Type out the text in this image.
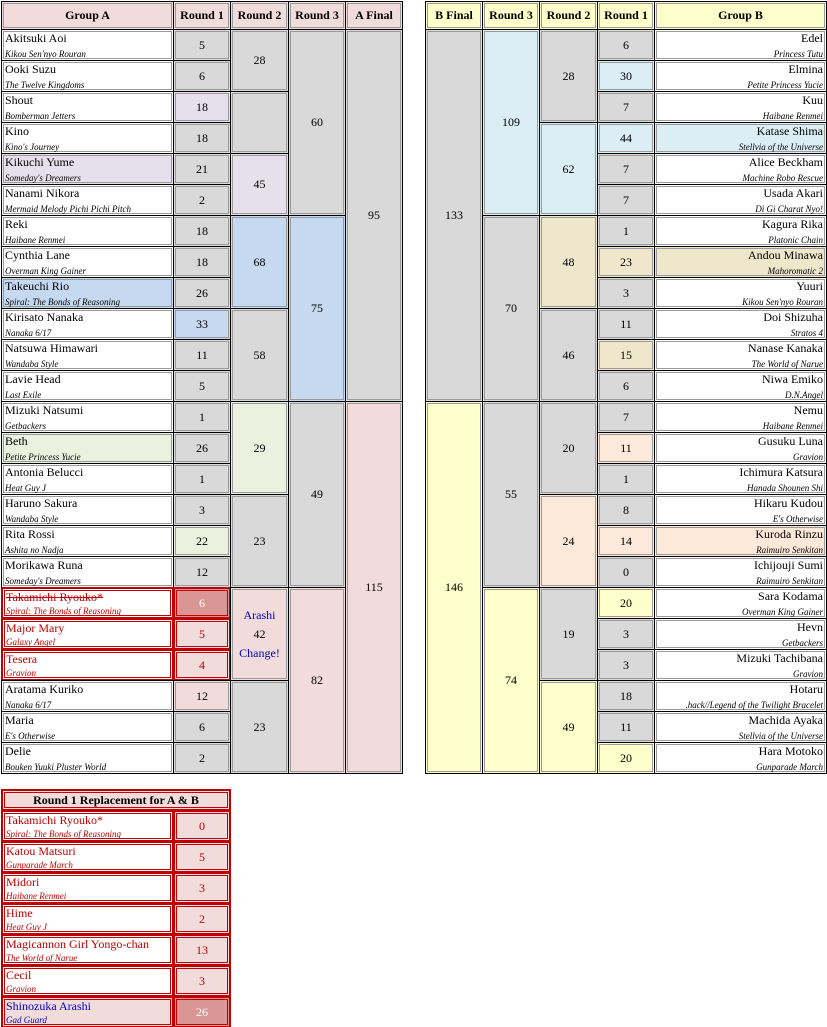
Group A	Round 1 Round 2 Round 3 A Final
Akitsuki Aoi
Kikou Sen'nyo Rouran
5
Ooki Suzu
The Twelve Kingdoms
6
Shout
Bomberman Jetters
18
Kino
Kino's Journey
18
Kikuchi Yume
Someday's Dreamers
21
Nanami Nikora
Mermaid Melody Pichi Pichi Pitch
2
Reki
Haibane Renmei
18
Cynthia Lane
Overman King Gainer
18
Takeuchi Rio
Spiral: The Bonds of Reasoning
26
Kirisato Nanaka
Nanaka 6/17
33
Natsuwa Himawari
Wandaba Style
11
Lavie Head
Last Exile
5
Mizuki Natsumi
Getbackers
1
Beth
Petite Princess Yucie
26
Antonia Belucci
Heat Guy J
1
Haruno Sakura
Wandaba Style
3
Rita Rossi
Ashita no Nadja
22
Morikawa Runa
Someday's Dreamers
12
Takamichi Ryouko*
Spiral: The Bonds of Reasoning
6
Major Mary
Galaxy Angel
5
Tesera
Gravion
4
Aratama Kuriko
Nanaka 6/17
12
Maria
E's Otherwise
6
Delie
Bouken Yuuki Pluster World
2
28
45
68
58
29
23
23
Arashi
42
Change!
60
75
49
82
95
115
B Final Round 3 Round 2 Round 1	Group B
Edel
Princess Tutu
6
Elmina
Petite Princess Yucie
30
Kuu
Haibane Renmei
7
Katase Shima
Stellvia of the Universe
44
Alice Beckham
Machine Robo Rescue
7
Usada Akari
Di Gi Charat Nyo!
7
Kagura Rika
Platonic Chain
1
Andou Minawa
Mahoromatic 2
23
Yuuri
Kikou Sen'nyo Rouran
3
Doi Shizuha
Stratos 4
11
Nanase Kanaka
The World of Narue
15
Niwa Emiko
D.N.Angel
6
Nemu
Haibane Renmei
7
Gusuku Luna
Gravion
11
Ichimura Katsura
Hanada Shounen Shi
1
Hikaru Kudou
E's Otherwise
8
Kuroda Rinzu
Raimuiro Senkitan
14
Ichijouji Sumi
Raimuiro Senkitan
0
Sara Kodama
Overman King Gainer
20
Hevn
Getbackers
3
Mizuki Tachibana
Gravion
3
Hotaru
.hack//Legend of the Twilight Bracelet
18
Machida Ayaka
Stellvia of the Universe
11
Hara Motoko
Gunparade March
20
28
62
48
46
20
24
19
49
109
70
55
74
133
146
Round 1 Replacement for A & B
Takamichi Ryouko*
Spiral: The Bonds of Reasoning
0
Katou Matsuri
Gunparade March
5
Midori
Haibane Renmei
3
Hime
Heat Guy J
2
Magicannon Girl Yongo-chan
The World of Narue
13
Cecil
Gravion
3
Shinozuka Arashi
Gad Guard
26
